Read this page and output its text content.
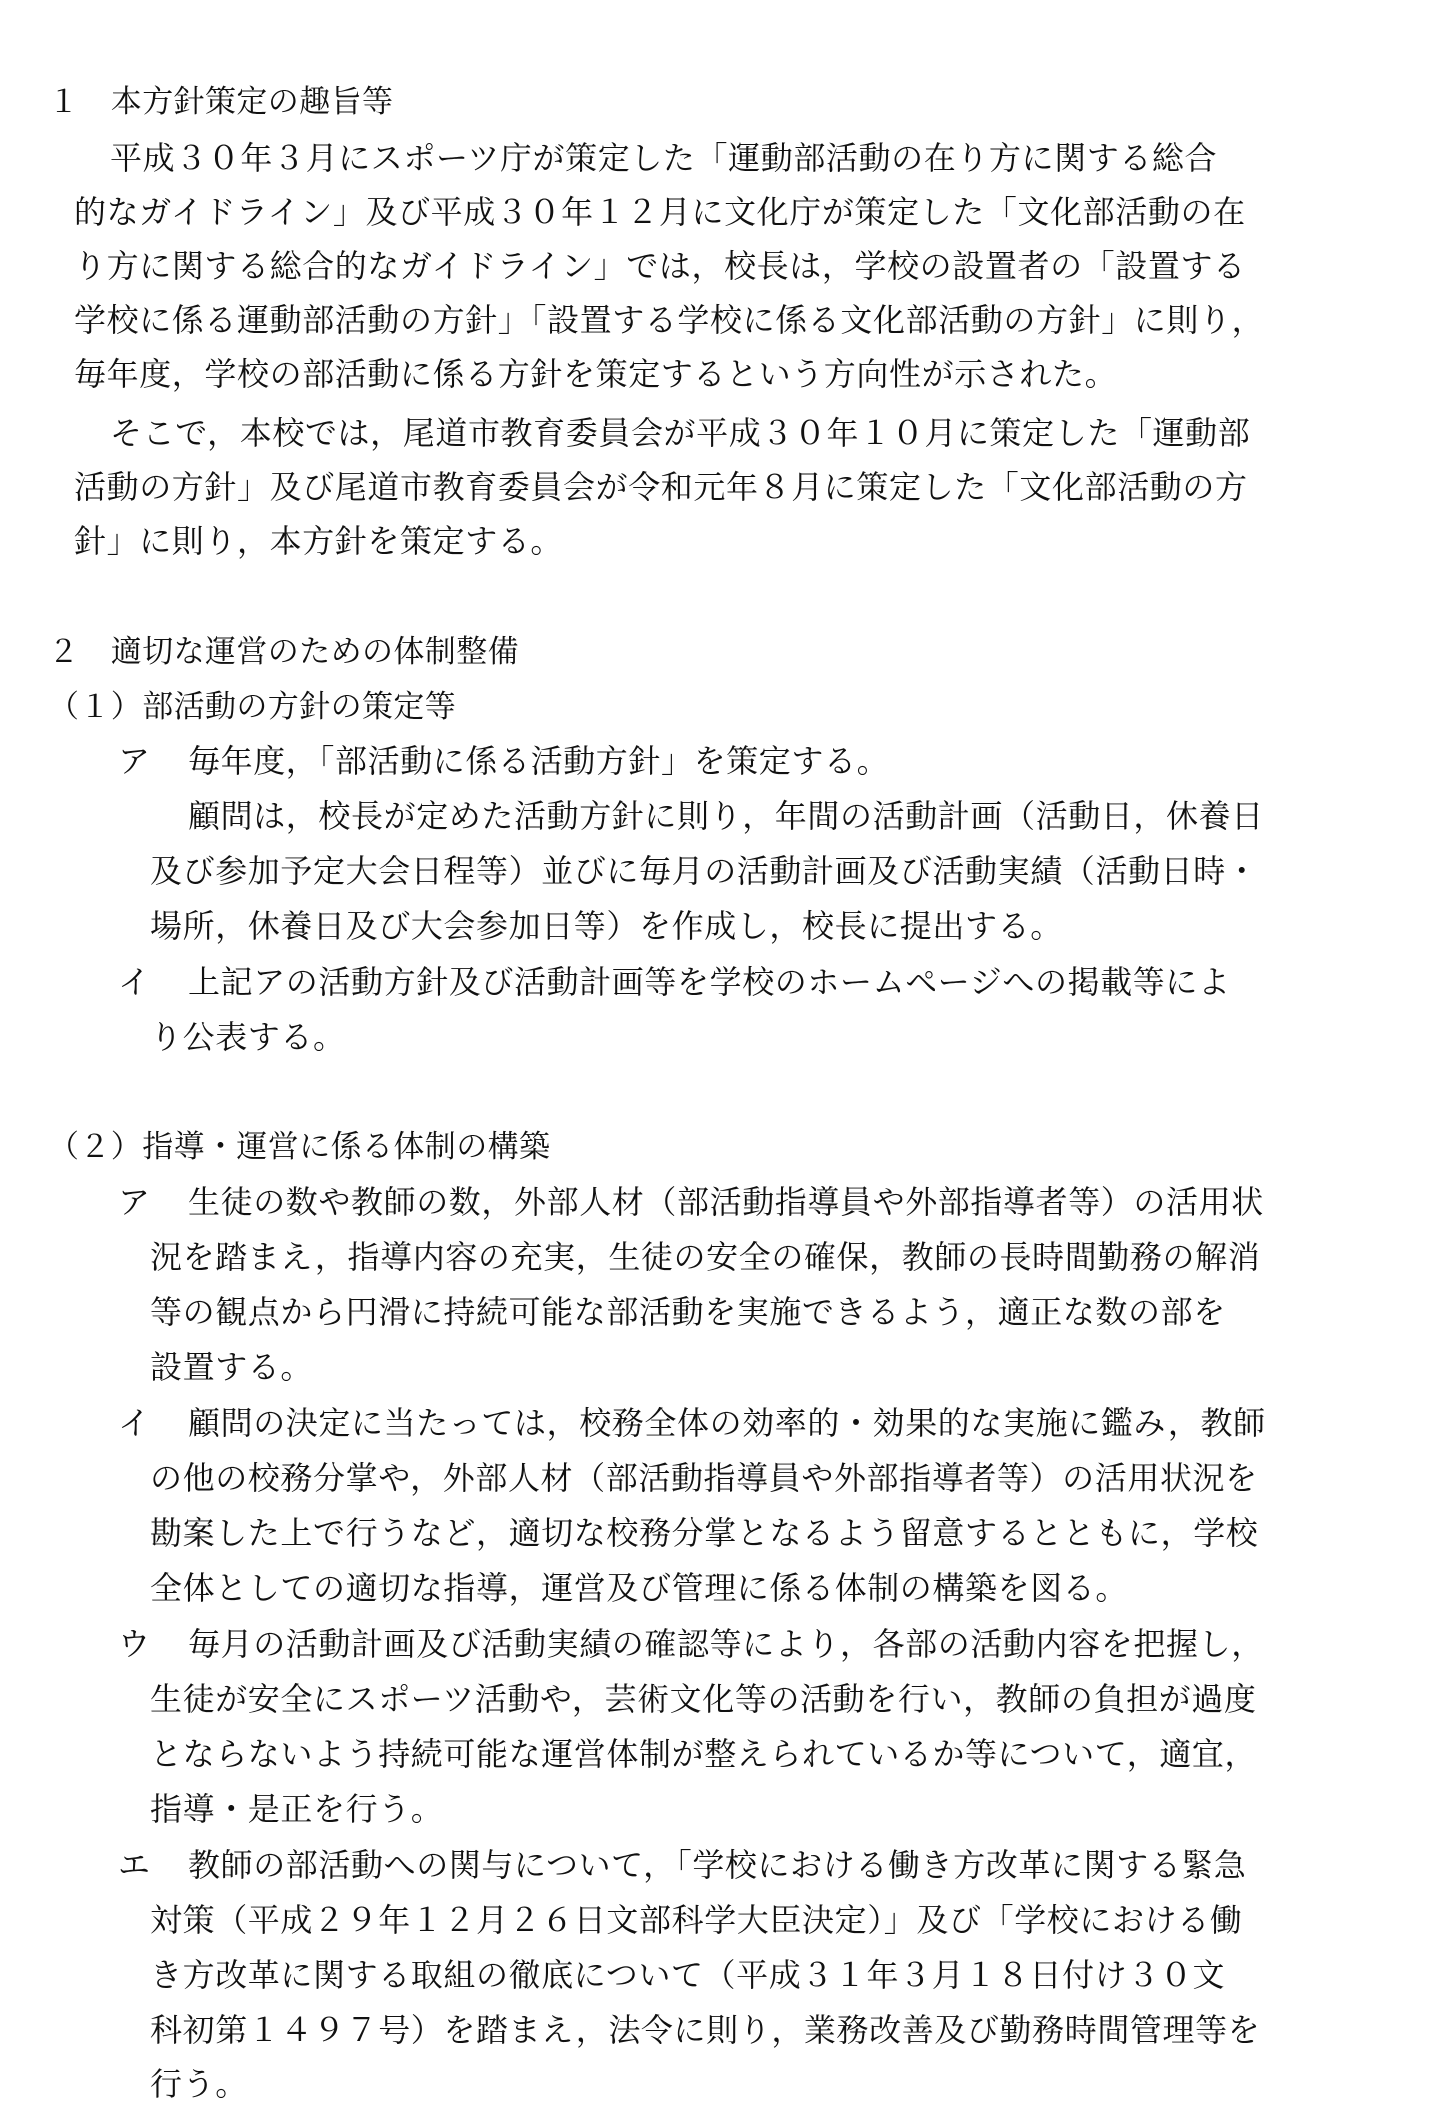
１　本方針策定の趣旨等
平成３０年３月にスポーツ庁が策定した「運動部活動の在り方に関する総合
的なガイドライン」及び平成３０年１２月に文化庁が策定した「文化部活動の在
り方に関する総合的なガイドライン」では，校長は，学校の設置者の「設置する
学校に係る運動部活動の方針」「設置する学校に係る文化部活動の方針」に則り，
毎年度，学校の部活動に係る方針を策定するという方向性が示された。
そこで，本校では，尾道市教育委員会が平成３０年１０月に策定した「運動部
活動の方針」及び尾道市教育委員会が令和元年８月に策定した「文化部活動の方
針」に則り，本方針を策定する。
２　適切な運営のための体制整備
（１）部活動の方針の策定等
ア 毎年度，「部活動に係る活動方針」を策定する。
顧問は，校長が定めた活動方針に則り，年間の活動計画（活動日，休養日
及び参加予定大会日程等）並びに毎月の活動計画及び活動実績（活動日時・
場所，休養日及び大会参加日等）を作成し，校長に提出する。
イ 上記アの活動方針及び活動計画等を学校のホームページへの掲載等によ
り公表する。
（２）指導・運営に係る体制の構築
ア 生徒の数や教師の数，外部人材（部活動指導員や外部指導者等）の活用状
況を踏まえ，指導内容の充実，生徒の安全の確保，教師の長時間勤務の解消
等の観点から円滑に持続可能な部活動を実施できるよう，適正な数の部を
設置する。
イ 顧問の決定に当たっては，校務全体の効率的・効果的な実施に鑑み，教師
の他の校務分掌や，外部人材（部活動指導員や外部指導者等）の活用状況を
勘案した上で行うなど，適切な校務分掌となるよう留意するとともに，学校
全体としての適切な指導，運営及び管理に係る体制の構築を図る。
ウ 毎月の活動計画及び活動実績の確認等により，各部の活動内容を把握し，
生徒が安全にスポーツ活動や，芸術文化等の活動を行い，教師の負担が過度
とならないよう持続可能な運営体制が整えられているか等について，適宜，
指導・是正を行う。
エ 教師の部活動への関与について，「学校における働き方改革に関する緊急
対策（平成２９年１２月２６日文部科学大臣決定）」及び「学校における働
き方改革に関する取組の徹底について（平成３１年３月１８日付け３０文
科初第１４９７号）を踏まえ，法令に則り，業務改善及び勤務時間管理等を
行う。
